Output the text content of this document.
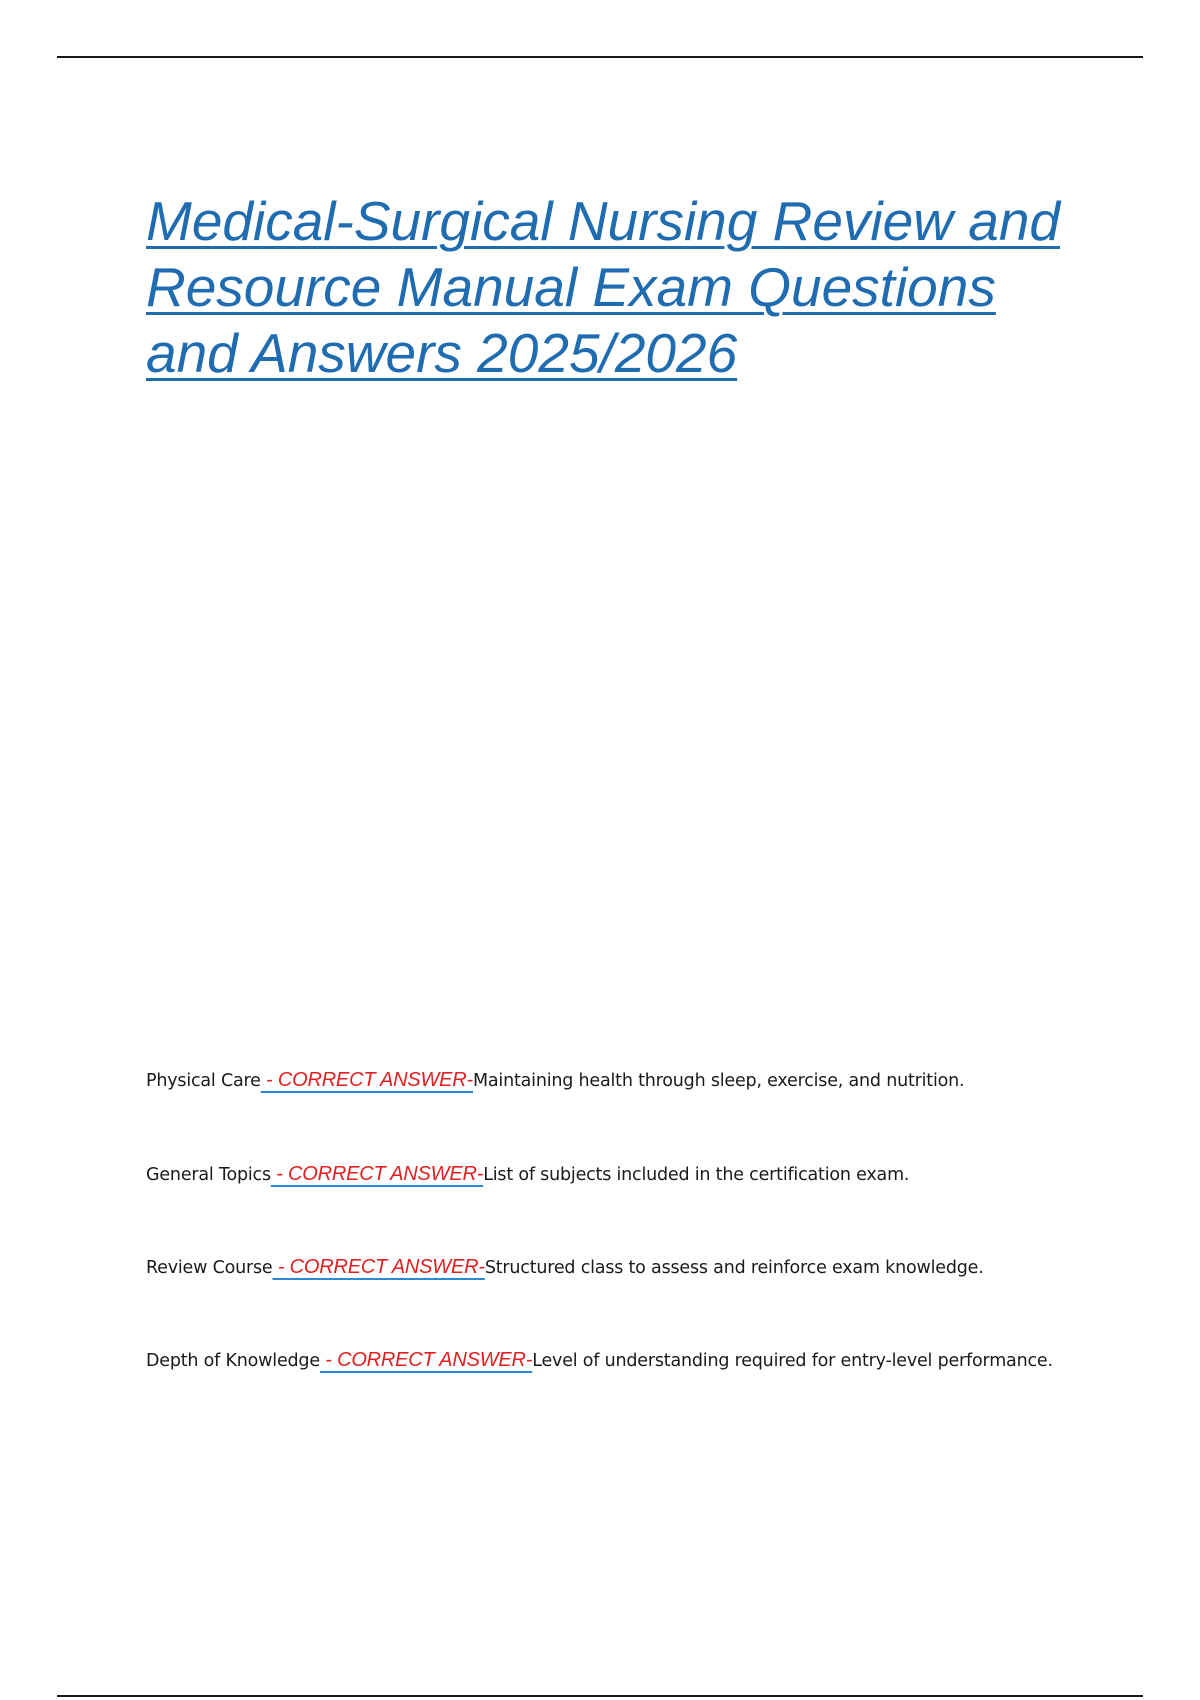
Medical-Surgical Nursing Review and
Resource Manual Exam Questions
and Answers 2025/2026

Physical Care - CORRECT ANSWER-Maintaining health through sleep, exercise, and nutrition.

General Topics - CORRECT ANSWER-List of subjects included in the certification exam.

Review Course - CORRECT ANSWER-Structured class to assess and reinforce exam knowledge.

Depth of Knowledge - CORRECT ANSWER-Level of understanding required for entry-level performance.
